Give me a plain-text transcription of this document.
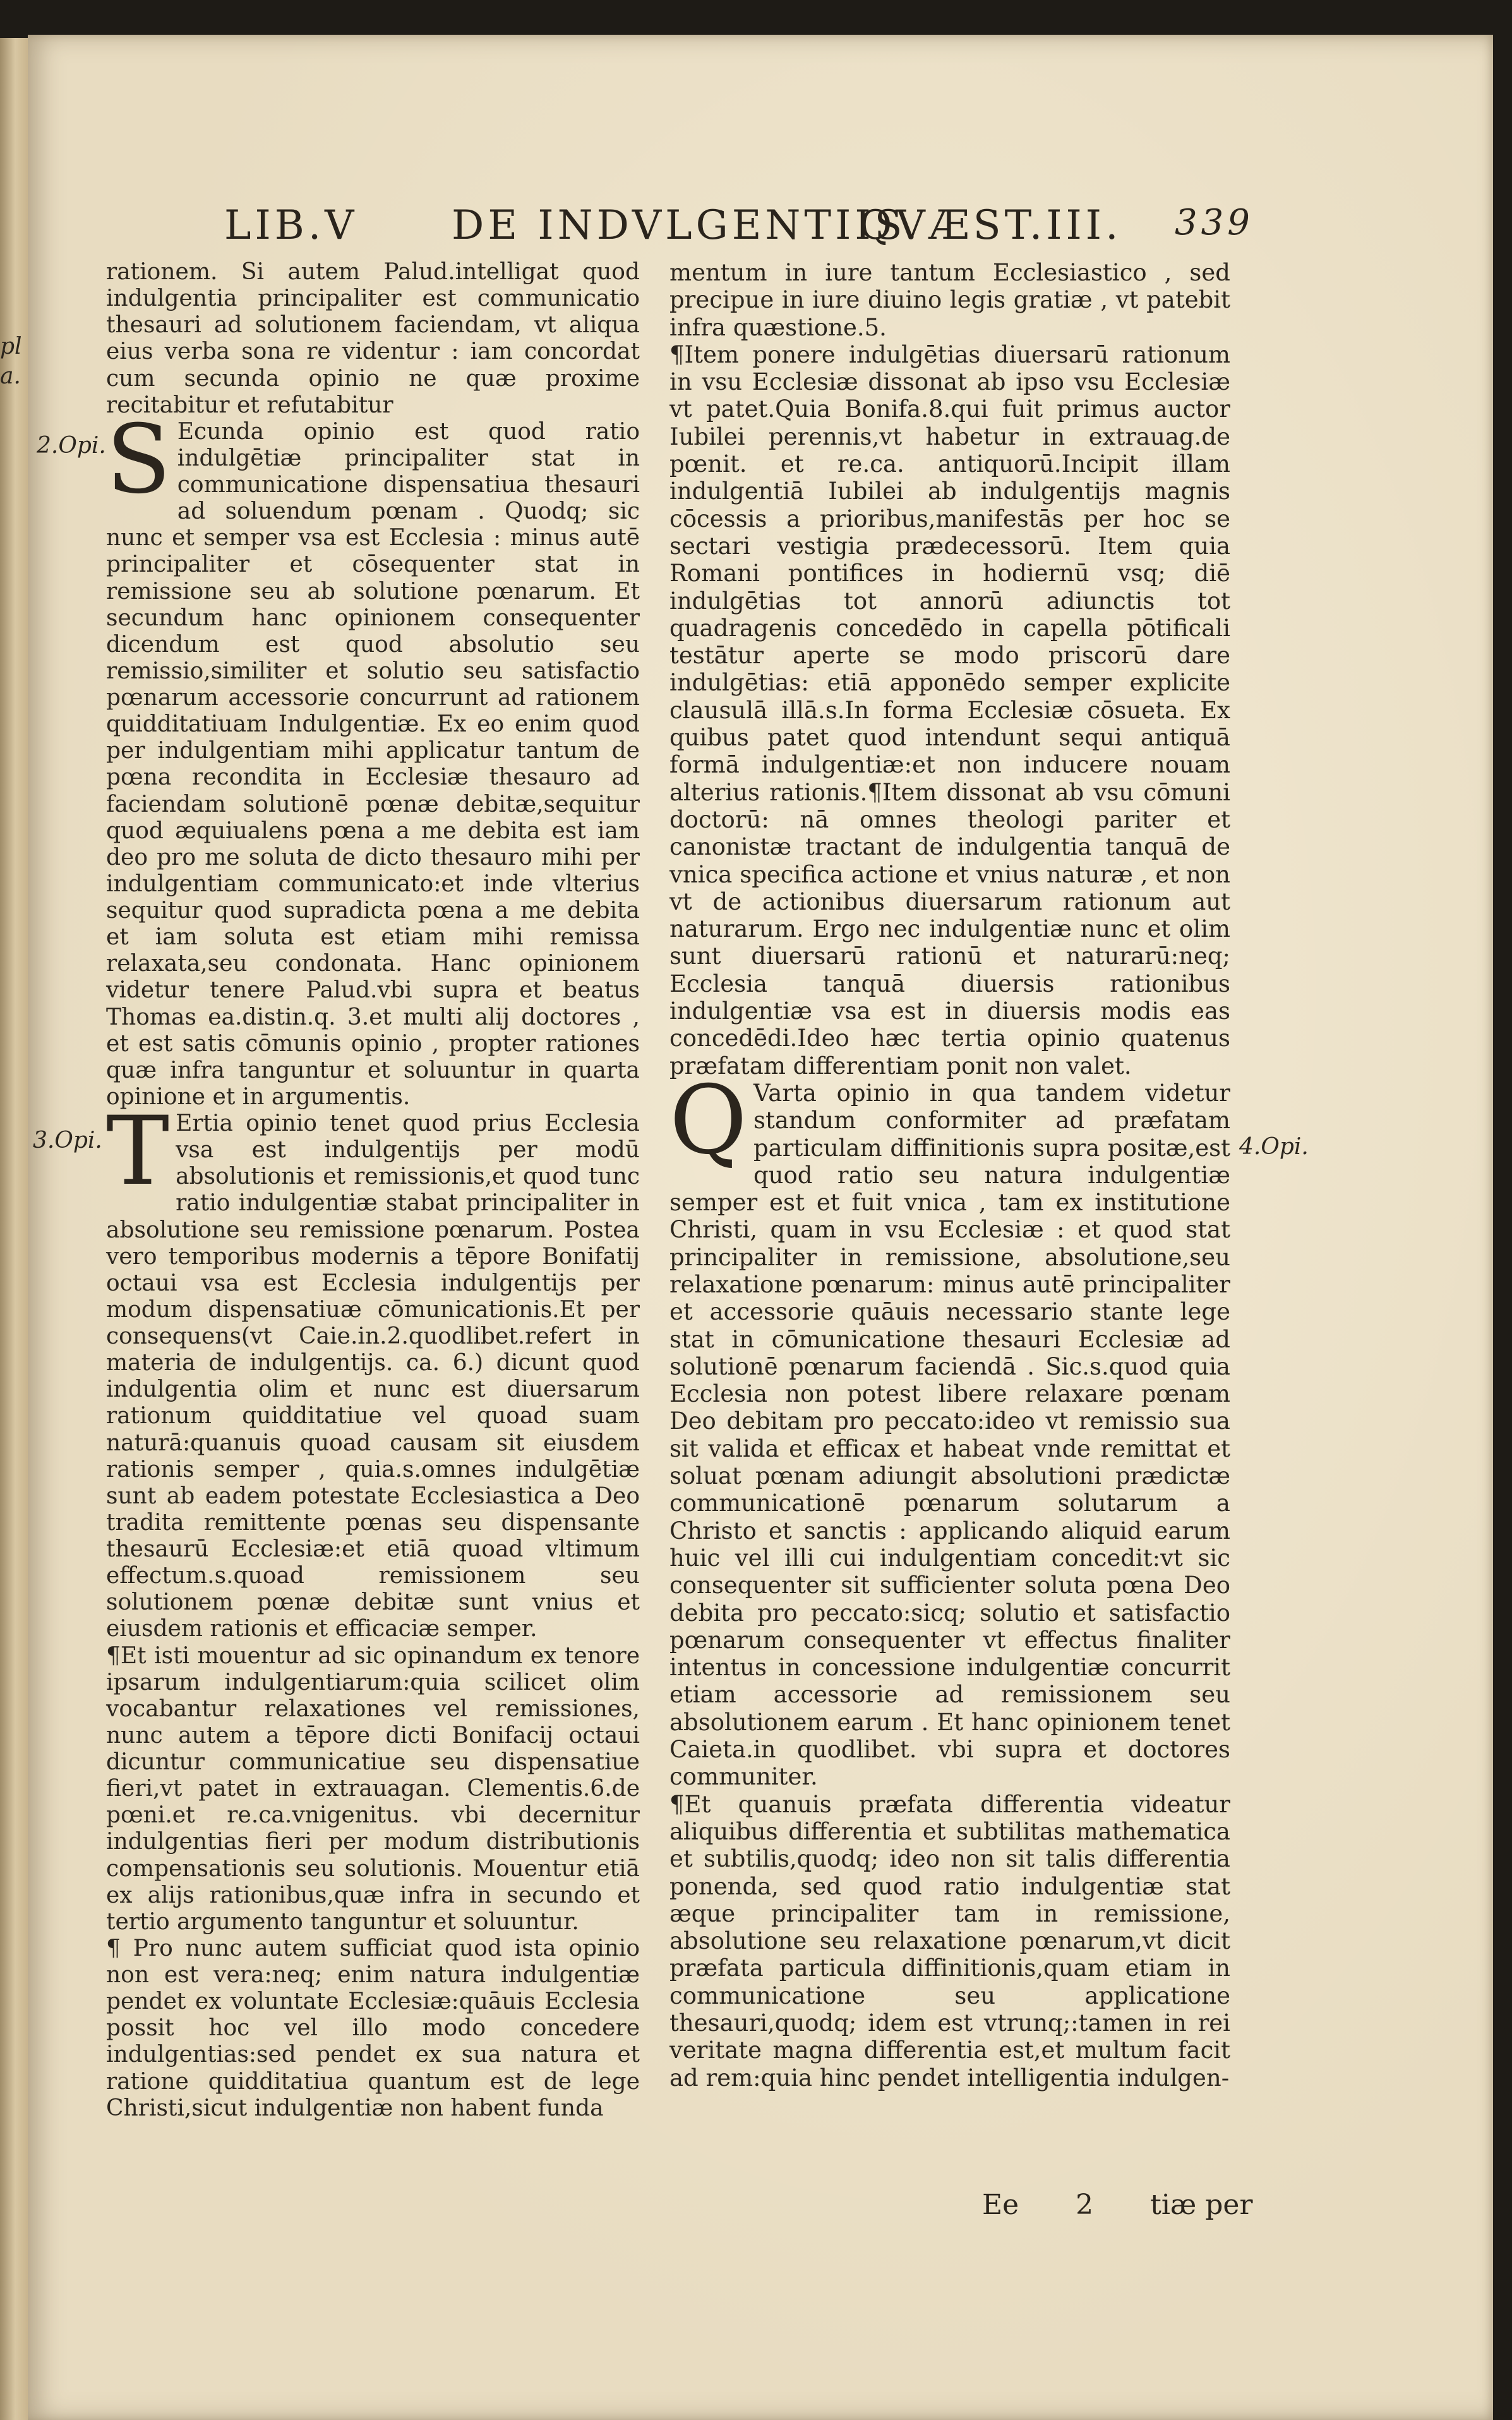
LIB.V DE INDVLGENTIIS.
QVÆST.III. 339
pl
a.
2.Opi.
3.Opi.	4.Opi.

rationem. Si autem Palud.intelligat quod indulgentia principaliter est communicatio thesauri ad solutionem faciendam, vt aliqua eius verba sona re videntur : iam concordat cum secunda opinio ne quæ proxime recitabitur et refutabitur

S Ecunda opinio est quod ratio indulgētiæ principaliter stat in communicatione dispensatiua thesauri ad soluendum pœnam . Quodq; sic nunc et semper vsa est Ecclesia : minus autē principaliter et cōsequenter stat in remissione seu ab solutione pœnarum. Et secundum hanc opinionem consequenter dicendum est quod absolutio seu remissio,similiter et solutio seu satisfactio pœnarum accessorie concurrunt ad rationem quidditatiuam Indulgentiæ. Ex eo enim quod per indulgentiam mihi applicatur tantum de pœna recondita in Ecclesiæ thesauro ad faciendam solutionē pœnæ debitæ,sequitur quod æquiualens pœna a me debita est iam deo pro me soluta de dicto thesauro mihi per indulgentiam communicato:et inde vlterius sequitur quod supradicta pœna a me debita et iam soluta est etiam mihi remissa relaxata,seu condonata. Hanc opinionem videtur tenere Palud.vbi supra et beatus Thomas ea.distin.q. 3.et multi alij doctores , et est satis cōmunis opinio , propter rationes quæ infra tanguntur et soluuntur in quarta opinione et in argumentis.

T Ertia opinio tenet quod prius Ecclesia vsa est indulgentijs per modū absolutionis et remissionis,et quod tunc ratio indulgentiæ stabat principaliter in absolutione seu remissione pœnarum. Postea vero temporibus modernis a tēpore Bonifatij octaui vsa est Ecclesia indulgentijs per modum dispensatiuæ cōmunicationis.Et per consequens(vt Caie.in.2.quodlibet.refert in materia de indulgentijs. ca. 6.) dicunt quod indulgentia olim et nunc est diuersarum rationum quidditatiue vel quoad suam naturā:quanuis quoad causam sit eiusdem rationis semper , quia.s.omnes indulgētiæ sunt ab eadem potestate Ecclesiastica a Deo tradita remittente pœnas seu dispensante thesaurū Ecclesiæ:et etiā quoad vltimum effectum.s.quoad remissionem seu solutionem pœnæ debitæ sunt vnius et eiusdem rationis et efficaciæ semper.

¶Et isti mouentur ad sic opinandum ex tenore ipsarum indulgentiarum:quia scilicet olim vocabantur relaxationes vel remissiones, nunc autem a tēpore dicti Bonifacij octaui dicuntur communicatiue seu dispensatiue fieri,vt patet in extrauagan. Clementis.6.de pœni.et re.ca.vnigenitus. vbi decernitur indulgentias fieri per modum distributionis compensationis seu solutionis. Mouentur etiā ex alijs rationibus,quæ infra in secundo et tertio argumento tanguntur et soluuntur.

¶ Pro nunc autem sufficiat quod ista opinio non est vera:neq; enim natura indulgentiæ pendet ex voluntate Ecclesiæ:quāuis Ecclesia possit hoc vel illo modo concedere indulgentias:sed pendet ex sua natura et ratione quidditatiua quantum est de lege Christi,sicut indulgentiæ non habent funda

mentum in iure tantum Ecclesiastico , sed precipue in iure diuino legis gratiæ , vt patebit infra quæstione.5.

¶Item ponere indulgētias diuersarū rationum in vsu Ecclesiæ dissonat ab ipso vsu Ecclesiæ vt patet.Quia Bonifa.8.qui fuit primus auctor Iubilei perennis,vt habetur in extrauag.de pœnit. et re.ca. antiquorū.Incipit illam indulgentiā Iubilei ab indulgentijs magnis cōcessis a prioribus,manifestās per hoc se sectari vestigia prædecessorū. Item quia Romani pontifices in hodiernū vsq; diē indulgētias tot annorū adiunctis tot quadragenis concedēdo in capella pōtificali testātur aperte se modo priscorū dare indulgētias: etiā apponēdo semper explicite clausulā illā.s.In forma Ecclesiæ cōsueta. Ex quibus patet quod intendunt sequi antiquā formā indulgentiæ:et non inducere nouam alterius rationis.¶Item dissonat ab vsu cōmuni doctorū: nā omnes theologi pariter et canonistæ tractant de indulgentia tanquā de vnica specifica actione et vnius naturæ , et non vt de actionibus diuersarum rationum aut naturarum. Ergo nec indulgentiæ nunc et olim sunt diuersarū rationū et naturarū:neq; Ecclesia tanquā diuersis rationibus indulgentiæ vsa est in diuersis modis eas concedēdi.Ideo hæc tertia opinio quatenus præfatam differentiam ponit non valet.

Q Varta opinio in qua tandem videtur standum conformiter ad præfatam particulam diffinitionis supra positæ,est quod ratio seu natura indulgentiæ semper est et fuit vnica , tam ex institutione Christi, quam in vsu Ecclesiæ : et quod stat principaliter in remissione, absolutione,seu relaxatione pœnarum: minus autē principaliter et accessorie quāuis necessario stante lege stat in cōmunicatione thesauri Ecclesiæ ad solutionē pœnarum faciendā . Sic.s.quod quia Ecclesia non potest libere relaxare pœnam Deo debitam pro peccato:ideo vt remissio sua sit valida et efficax et habeat vnde remittat et soluat pœnam adiungit absolutioni prædictæ communicationē pœnarum solutarum a Christo et sanctis : applicando aliquid earum huic vel illi cui indulgentiam concedit:vt sic consequenter sit sufficienter soluta pœna Deo debita pro peccato:sicq; solutio et satisfactio pœnarum consequenter vt effectus finaliter intentus in concessione indulgentiæ concurrit etiam accessorie ad remissionem seu absolutionem earum . Et hanc opinionem tenet Caieta.in quodlibet. vbi supra et doctores communiter.

¶Et quanuis præfata differentia videatur aliquibus differentia et subtilitas mathematica et subtilis,quodq; ideo non sit talis differentia ponenda, sed quod ratio indulgentiæ stat æque principaliter tam in remissione, absolutione seu relaxatione pœnarum,vt dicit præfata particula diffinitionis,quam etiam in communicatione seu applicatione thesauri,quodq; idem est vtrunq;:tamen in rei veritate magna differentia est,et multum facit ad rem:quia hinc pendet intelligentia indulgen-

Ee 2 tiæ per
